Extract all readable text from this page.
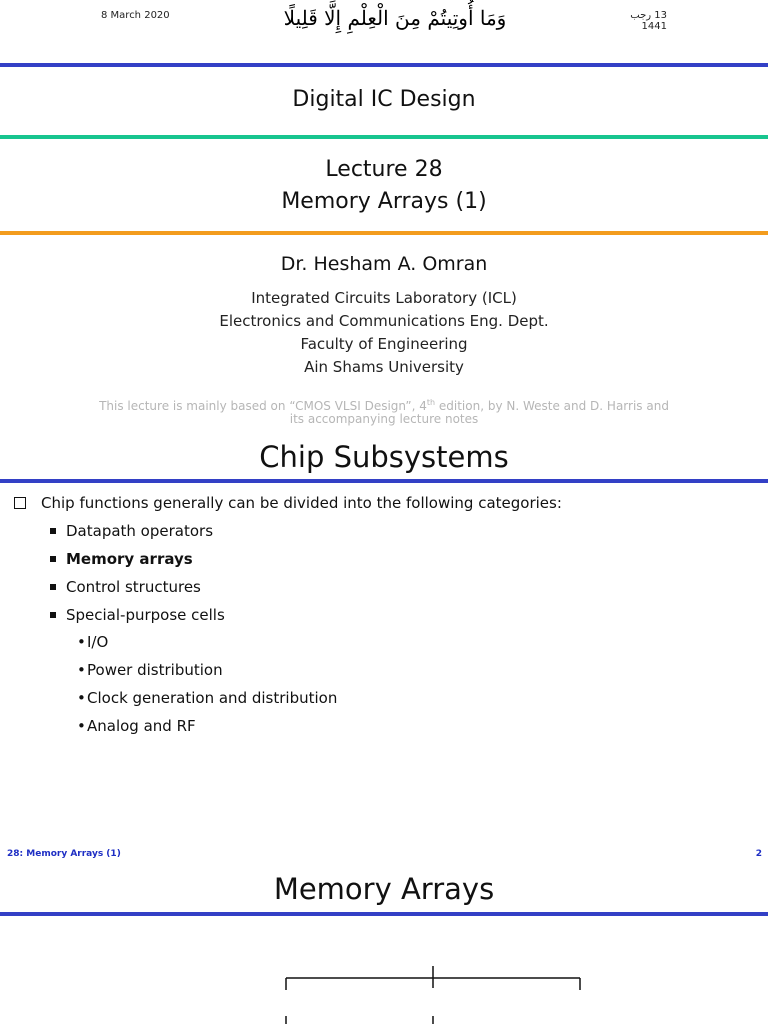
8 March 2020	وَمَا أُوتِيتُمْ مِنَ الْعِلْمِ إِلَّا قَلِيلًا	13 رجب 1441
Digital IC Design
Lecture 28
Memory Arrays (1)
Dr. Hesham A. Omran
Integrated Circuits Laboratory (ICL)
Electronics and Communications Eng. Dept.
Faculty of Engineering
Ain Shams University
This lecture is mainly based on “CMOS VLSI Design”, 4th edition, by N. Weste and D. Harris and
its accompanying lecture notes
Chip Subsystems
Chip functions generally can be divided into the following categories:
Datapath operators
Memory arrays
Control structures
Special-purpose cells
• I/O
• Power distribution
• Clock generation and distribution
• Analog and RF
28: Memory Arrays (1)	2
Memory Arrays
